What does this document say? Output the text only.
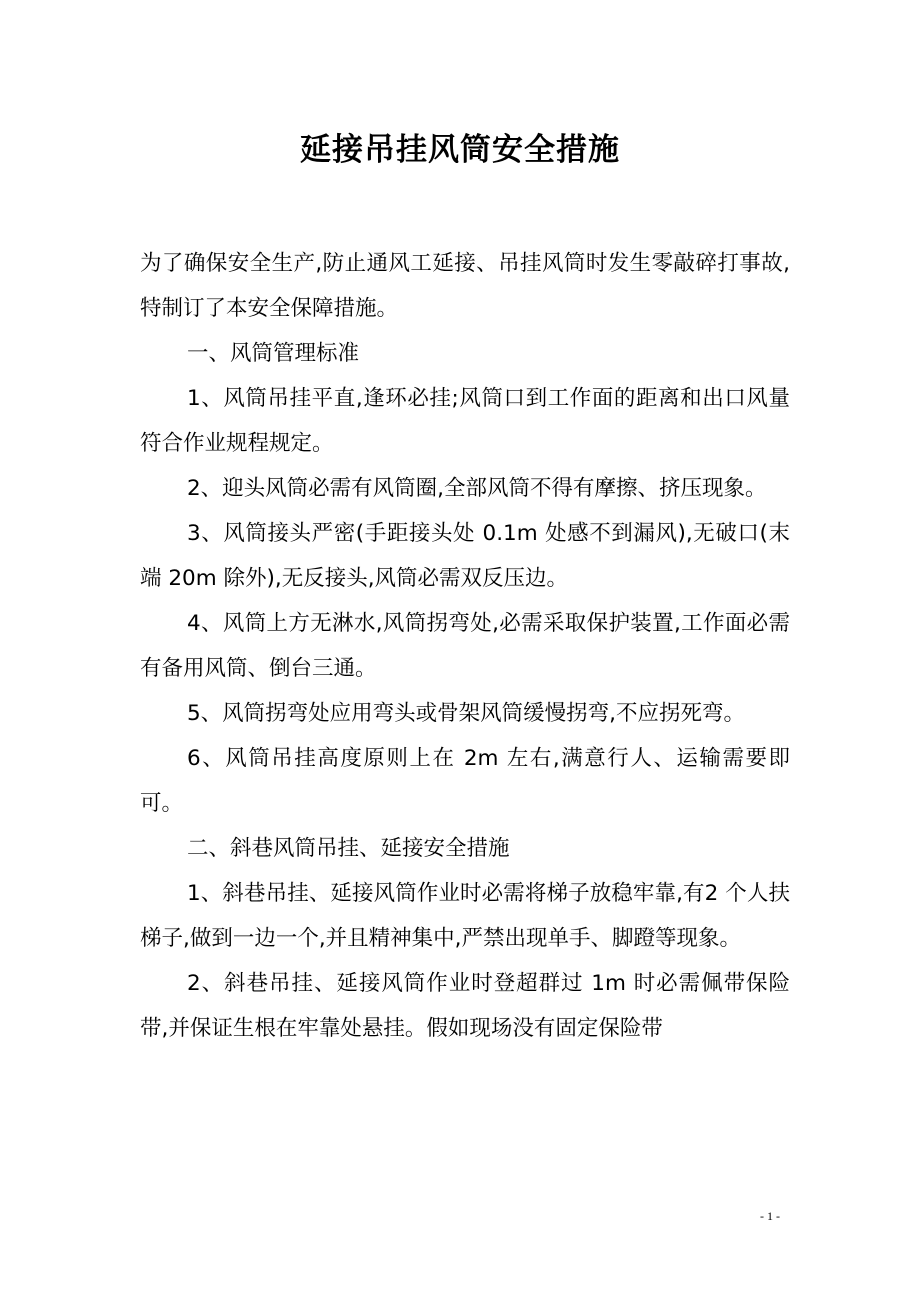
延接吊挂风筒安全措施

为了确保安全生产,防止通风工延接、吊挂风筒时发生零敲碎打事故,特制订了本安全保障措施。

一、风筒管理标准

1、风筒吊挂平直,逢环必挂;风筒口到工作面的距离和出口风量符合作业规程规定。

2、迎头风筒必需有风筒圈,全部风筒不得有摩擦、挤压现象。

3、风筒接头严密(手距接头处 0.1m 处感不到漏风),无破口(末端 20m 除外),无反接头,风筒必需双反压边。

4、风筒上方无淋水,风筒拐弯处,必需采取保护装置,工作面必需有备用风筒、倒台三通。

5、风筒拐弯处应用弯头或骨架风筒缓慢拐弯,不应拐死弯。

6、风筒吊挂高度原则上在 2m 左右,满意行人、运输需要即可。

二、斜巷风筒吊挂、延接安全措施

1、斜巷吊挂、延接风筒作业时必需将梯子放稳牢靠,有2 个人扶梯子,做到一边一个,并且精神集中,严禁出现单手、脚蹬等现象。

2、斜巷吊挂、延接风筒作业时登超群过 1m 时必需佩带保险带,并保证生根在牢靠处悬挂。假如现场没有固定保险带

- 1 -
